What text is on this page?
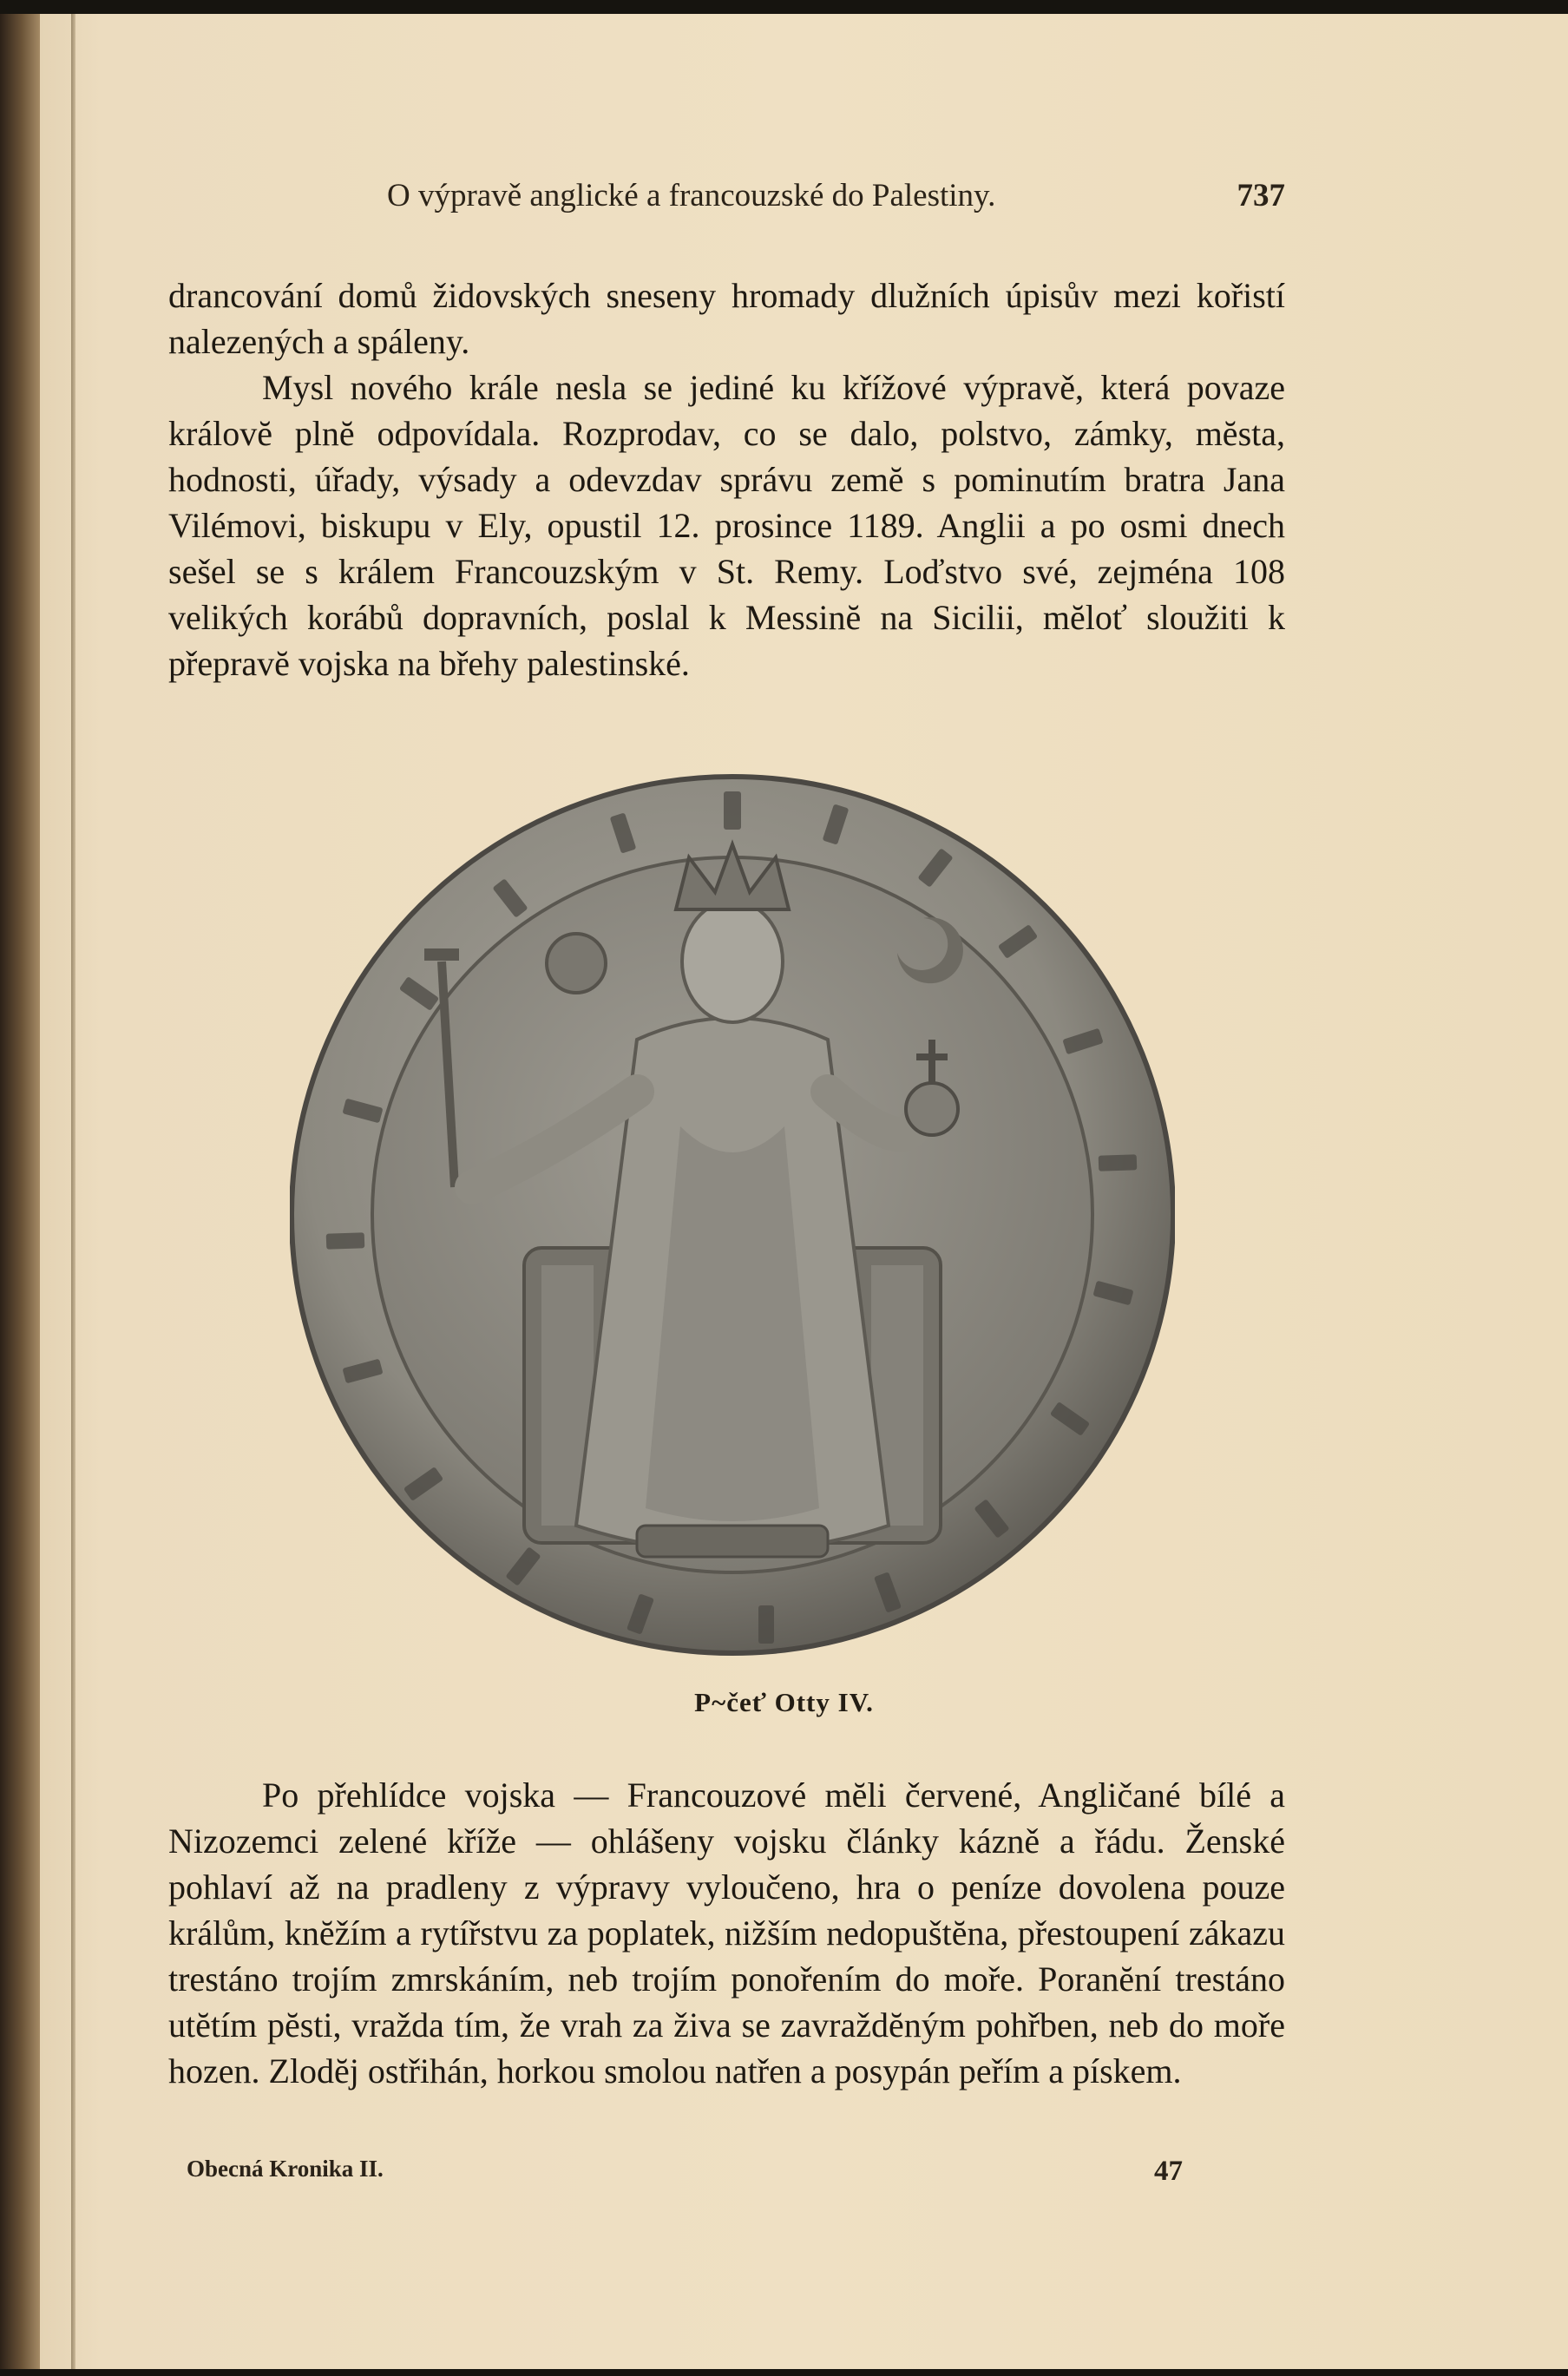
O výpravě anglické a francouzské do Palestiny.	737

drancování domů židovských sneseny hromady dlužních úpisův mezi kořistí nalezených a spáleny.

Mysl nového krále nesla se jediné ku křížové výpravě, která povaze královĕ plnĕ odpovídala. Rozprodav, co se dalo, polstvo, zámky, mĕsta, hodnosti, úřady, výsady a odevzdav správu zemĕ s pominutím bratra Jana Vilémovi, biskupu v Ely, opustil 12. prosince 1189. Anglii a po osmi dnech sešel se s králem Francouzským v St. Remy. Loďstvo své, zejména 108 velikých korábů dopravních, poslal k Messinĕ na Sicilii, mĕloť sloužiti k přepravĕ vojska na břehy palestinské.

P~čeť Otty IV.

Po přehlídce vojska — Francouzové mĕli červené, Angličané bílé a Nizozemci zelené kříže — ohlášeny vojsku články kázně a řádu. Ženské pohlaví až na pradleny z výpravy vyloučeno, hra o peníze dovolena pouze králům, knĕžím a rytířstvu za poplatek, nižším nedopuštĕna, přestoupení zákazu trestáno trojím zmrskáním, neb trojím ponořením do moře. Poranĕní trestáno utĕtím pĕsti, vražda tím, že vrah za živa se zavraždĕným pohřben, neb do moře hozen. Zlodĕj ostřihán, horkou smolou natřen a posypán peřím a pískem.

Obecná Kronika II.	47
